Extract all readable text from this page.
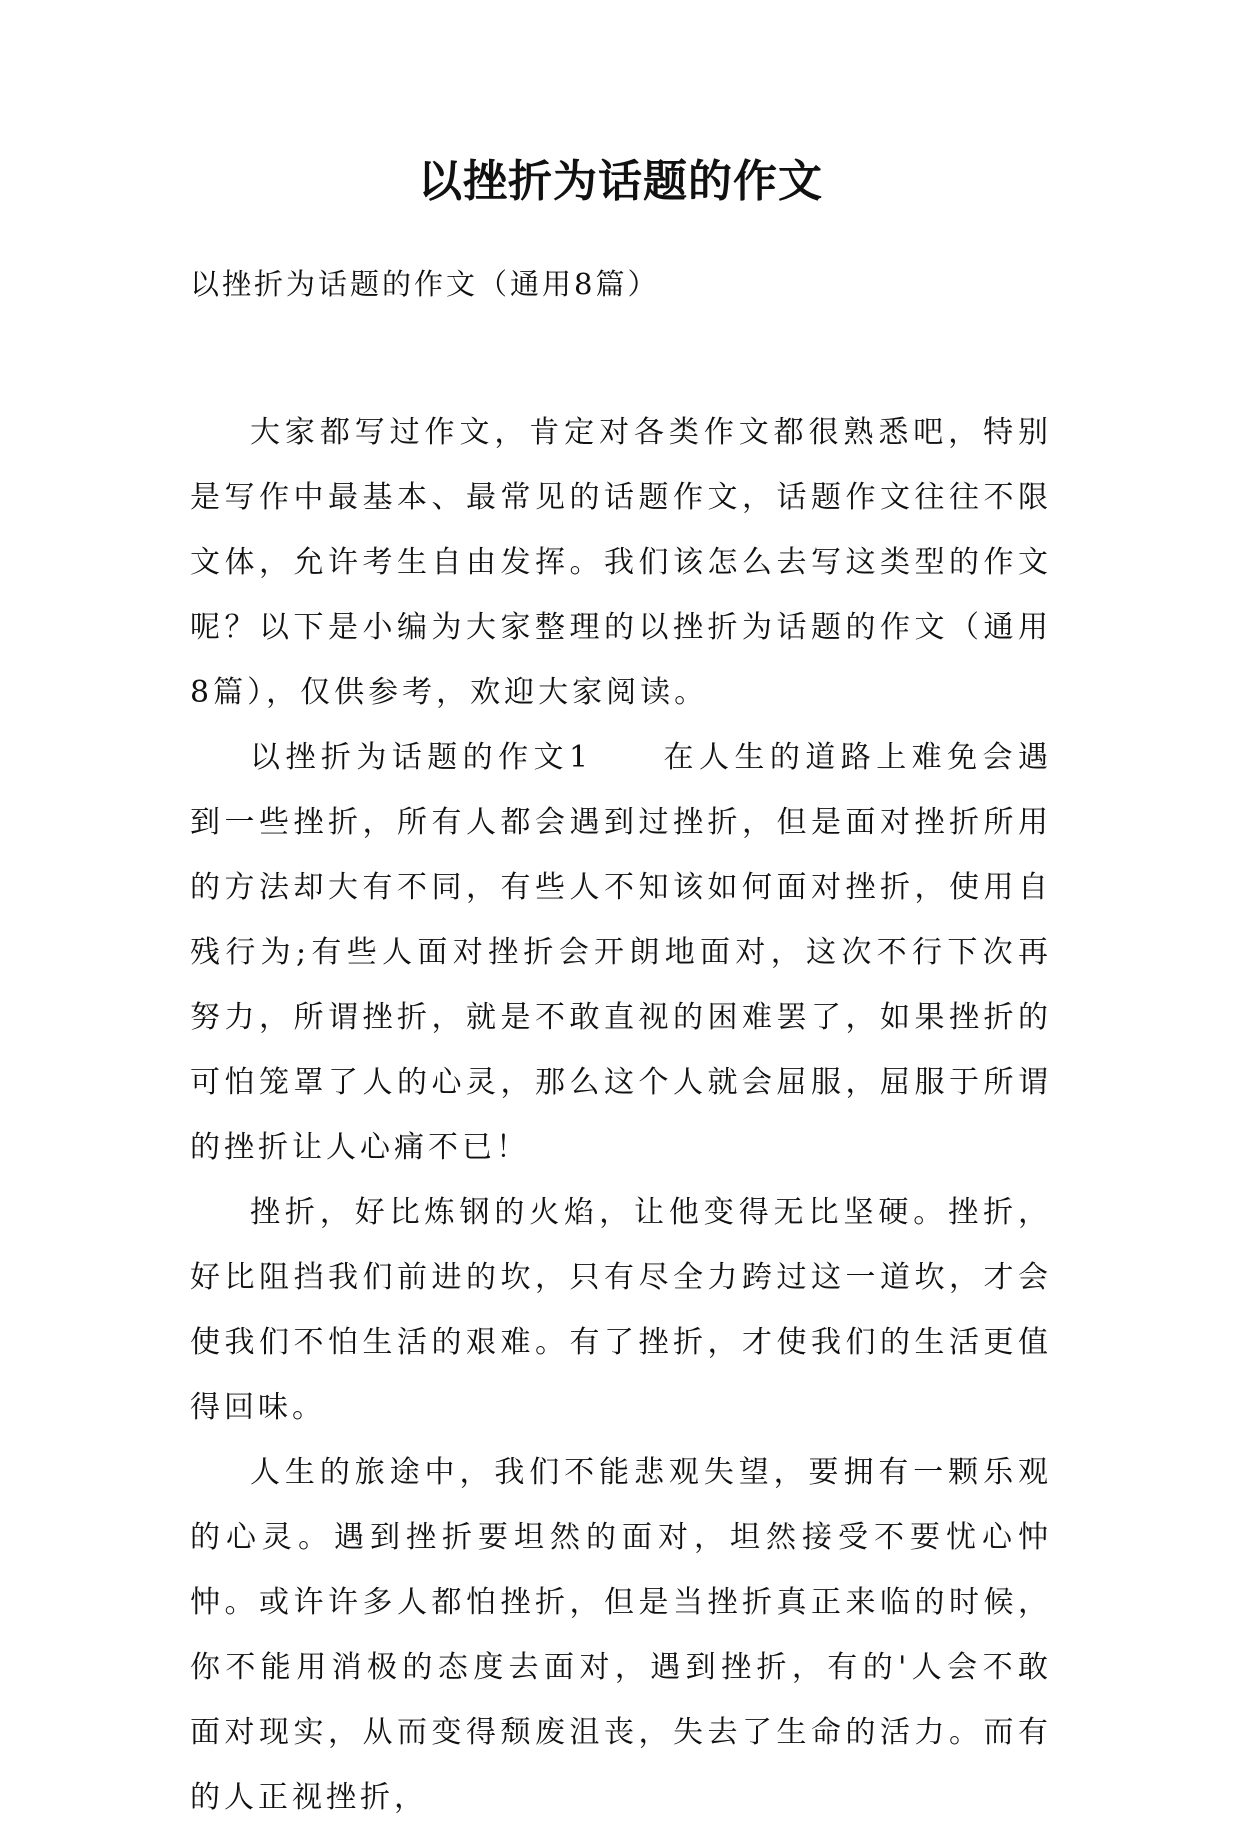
以挫折为话题的作文
以挫折为话题的作文（通用8篇）

大家都写过作文，肯定对各类作文都很熟悉吧，特别是写作中最基本、最常见的话题作文，话题作文往往不限文体，允许考生自由发挥。我们该怎么去写这类型的作文呢？以下是小编为大家整理的以挫折为话题的作文（通用8篇），仅供参考，欢迎大家阅读。

以挫折为话题的作文1 在人生的道路上难免会遇到一些挫折，所有人都会遇到过挫折，但是面对挫折所用的方法却大有不同，有些人不知该如何面对挫折，使用自残行为;有些人面对挫折会开朗地面对，这次不行下次再努力，所谓挫折，就是不敢直视的困难罢了，如果挫折的可怕笼罩了人的心灵，那么这个人就会屈服，屈服于所谓的挫折让人心痛不已！

挫折，好比炼钢的火焰，让他变得无比坚硬。挫折，好比阻挡我们前进的坎，只有尽全力跨过这一道坎，才会使我们不怕生活的艰难。有了挫折，才使我们的生活更值得回味。

人生的旅途中，我们不能悲观失望，要拥有一颗乐观的心灵。遇到挫折要坦然的面对，坦然接受不要忧心忡忡。或许许多人都怕挫折，但是当挫折真正来临的时候，你不能用消极的态度去面对，遇到挫折，有的'人会不敢面对现实，从而变得颓废沮丧，失去了生命的活力。而有的人正视挫折，
